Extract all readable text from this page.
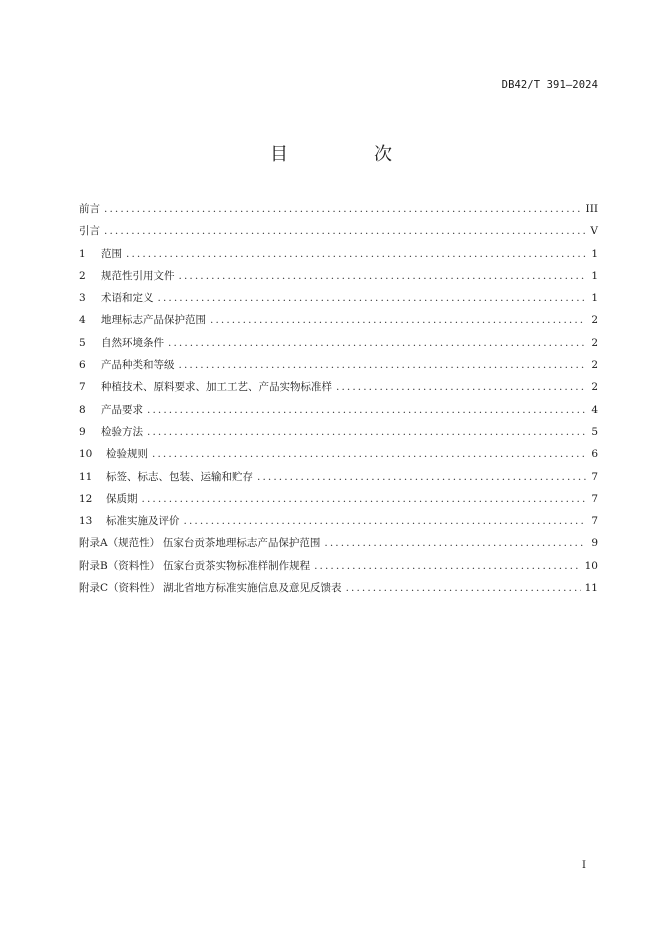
DB42/T 391—2024
目　次
前言 .....	III
引言 .....	V
1	范围 .....	1
2	规范性引用文件 .....	1
3	术语和定义 .....	1
4	地理标志产品保护范围 .....	2
5	自然环境条件 .....	2
6	产品种类和等级 .....	2
7	种植技术、原料要求、加工工艺、产品实物标准样 .....	2
8	产品要求 .....	4
9	检验方法 .....	5
10	检验规则 .....	6
11	标签、标志、包装、运输和贮存 .....	7
12	保质期 .....	7
13	标准实施及评价 .....	7
附录A（规范性） 伍家台贡茶地理标志产品保护范围 .....	9
附录B（资料性） 伍家台贡茶实物标准样制作规程 .....	10
附录C（资料性） 湖北省地方标准实施信息及意见反馈表 .....	11
I
